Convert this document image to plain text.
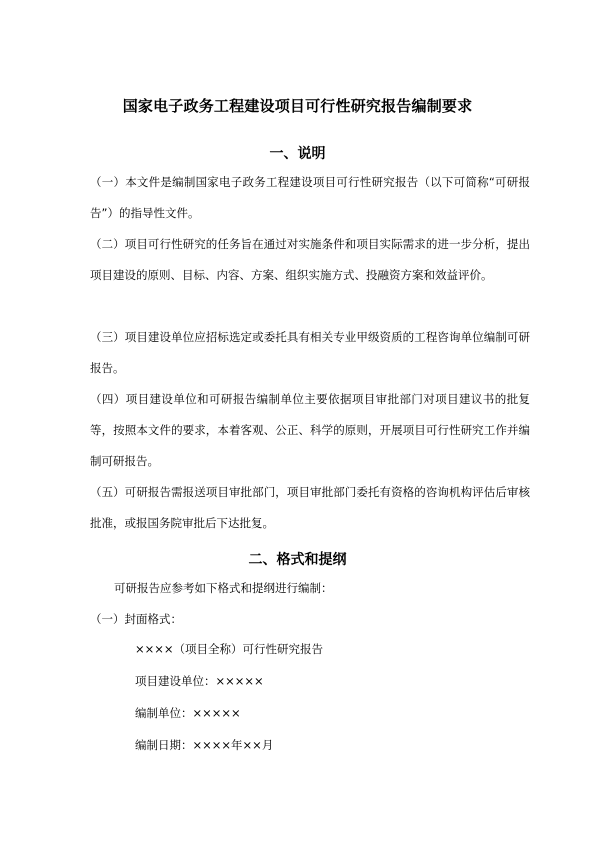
国家电子政务工程建设项目可行性研究报告编制要求
一、说明

（一）本文件是编制国家电子政务工程建设项目可行性研究报告（以下可简称“可研报告”）的指导性文件。

（二）项目可行性研究的任务旨在通过对实施条件和项目实际需求的进一步分析，提出项目建设的原则、目标、内容、方案、组织实施方式、投融资方案和效益评价。

（三）项目建设单位应招标选定或委托具有相关专业甲级资质的工程咨询单位编制可研报告。

（四）项目建设单位和可研报告编制单位主要依据项目审批部门对项目建议书的批复等，按照本文件的要求，本着客观、公正、科学的原则，开展项目可行性研究工作并编制可研报告。

（五）可研报告需报送项目审批部门，项目审批部门委托有资格的咨询机构评估后审核批准，或报国务院审批后下达批复。

二、格式和提纲
可研报告应参考如下格式和提纲进行编制：
（一）封面格式：
××××（项目全称）可行性研究报告
项目建设单位：×××××
编制单位：×××××
编制日期：××××年××月
